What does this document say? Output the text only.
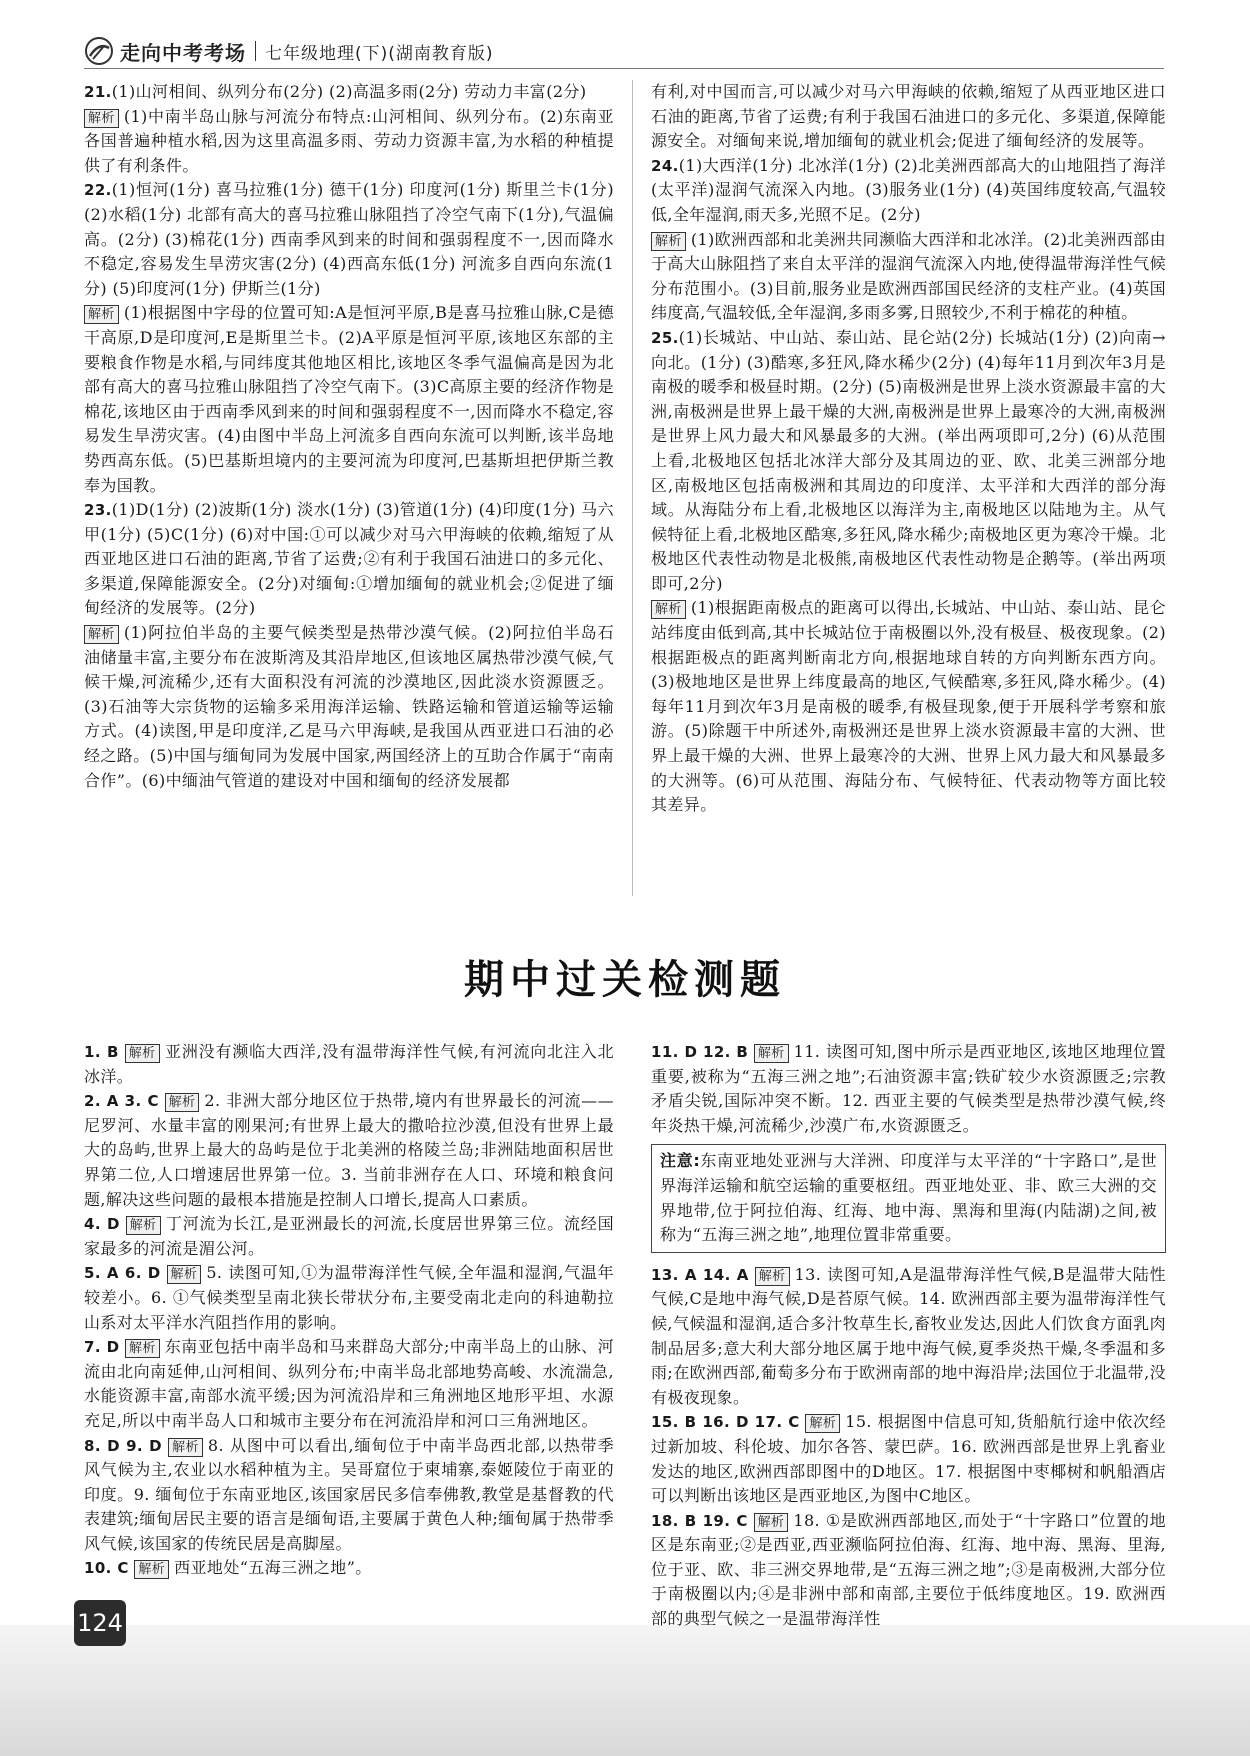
走向中考考场 七年级地理(下)(湖南教育版)
21.(1)山河相间、纵列分布(2分) (2)高温多雨(2分) 劳动力丰富(2分)
解析 (1)中南半岛山脉与河流分布特点:山河相间、纵列分布。(2)东南亚各国普遍种植水稻,因为这里高温多雨、劳动力资源丰富,为水稻的种植提供了有利条件。
22.(1)恒河(1分) 喜马拉雅(1分) 德干(1分) 印度河(1分) 斯里兰卡(1分) (2)水稻(1分) 北部有高大的喜马拉雅山脉阻挡了冷空气南下(1分),气温偏高。(2分) (3)棉花(1分) 西南季风到来的时间和强弱程度不一,因而降水不稳定,容易发生旱涝灾害(2分) (4)西高东低(1分) 河流多自西向东流(1分) (5)印度河(1分) 伊斯兰(1分)
解析 (1)根据图中字母的位置可知:A是恒河平原,B是喜马拉雅山脉,C是德干高原,D是印度河,E是斯里兰卡。(2)A平原是恒河平原,该地区东部的主要粮食作物是水稻,与同纬度其他地区相比,该地区冬季气温偏高是因为北部有高大的喜马拉雅山脉阻挡了冷空气南下。(3)C高原主要的经济作物是棉花,该地区由于西南季风到来的时间和强弱程度不一,因而降水不稳定,容易发生旱涝灾害。(4)由图中半岛上河流多自西向东流可以判断,该半岛地势西高东低。(5)巴基斯坦境内的主要河流为印度河,巴基斯坦把伊斯兰教奉为国教。
23.(1)D(1分) (2)波斯(1分) 淡水(1分) (3)管道(1分) (4)印度(1分) 马六甲(1分) (5)C(1分) (6)对中国:①可以减少对马六甲海峡的依赖,缩短了从西亚地区进口石油的距离,节省了运费;②有利于我国石油进口的多元化、多渠道,保障能源安全。(2分)对缅甸:①增加缅甸的就业机会;②促进了缅甸经济的发展等。(2分)
解析 (1)阿拉伯半岛的主要气候类型是热带沙漠气候。(2)阿拉伯半岛石油储量丰富,主要分布在波斯湾及其沿岸地区,但该地区属热带沙漠气候,气候干燥,河流稀少,还有大面积没有河流的沙漠地区,因此淡水资源匮乏。(3)石油等大宗货物的运输多采用海洋运输、铁路运输和管道运输等运输方式。(4)读图,甲是印度洋,乙是马六甲海峡,是我国从西亚进口石油的必经之路。(5)中国与缅甸同为发展中国家,两国经济上的互助合作属于“南南合作”。(6)中缅油气管道的建设对中国和缅甸的经济发展都
有利,对中国而言,可以减少对马六甲海峡的依赖,缩短了从西亚地区进口石油的距离,节省了运费;有利于我国石油进口的多元化、多渠道,保障能源安全。对缅甸来说,增加缅甸的就业机会;促进了缅甸经济的发展等。
24.(1)大西洋(1分) 北冰洋(1分) (2)北美洲西部高大的山地阻挡了海洋(太平洋)湿润气流深入内地。(3)服务业(1分) (4)英国纬度较高,气温较低,全年湿润,雨天多,光照不足。(2分)
解析 (1)欧洲西部和北美洲共同濒临大西洋和北冰洋。(2)北美洲西部由于高大山脉阻挡了来自太平洋的湿润气流深入内地,使得温带海洋性气候分布范围小。(3)目前,服务业是欧洲西部国民经济的支柱产业。(4)英国纬度高,气温较低,全年湿润,多雨多雾,日照较少,不利于棉花的种植。
25.(1)长城站、中山站、泰山站、昆仑站(2分) 长城站(1分) (2)向南→向北。(1分) (3)酷寒,多狂风,降水稀少(2分) (4)每年11月到次年3月是南极的暖季和极昼时期。(2分) (5)南极洲是世界上淡水资源最丰富的大洲,南极洲是世界上最干燥的大洲,南极洲是世界上最寒冷的大洲,南极洲是世界上风力最大和风暴最多的大洲。(举出两项即可,2分) (6)从范围上看,北极地区包括北冰洋大部分及其周边的亚、欧、北美三洲部分地区,南极地区包括南极洲和其周边的印度洋、太平洋和大西洋的部分海域。从海陆分布上看,北极地区以海洋为主,南极地区以陆地为主。从气候特征上看,北极地区酷寒,多狂风,降水稀少;南极地区更为寒冷干燥。北极地区代表性动物是北极熊,南极地区代表性动物是企鹅等。(举出两项即可,2分)
解析 (1)根据距南极点的距离可以得出,长城站、中山站、泰山站、昆仑站纬度由低到高,其中长城站位于南极圈以外,没有极昼、极夜现象。(2)根据距极点的距离判断南北方向,根据地球自转的方向判断东西方向。(3)极地地区是世界上纬度最高的地区,气候酷寒,多狂风,降水稀少。(4)每年11月到次年3月是南极的暖季,有极昼现象,便于开展科学考察和旅游。(5)除题干中所述外,南极洲还是世界上淡水资源最丰富的大洲、世界上最干燥的大洲、世界上最寒冷的大洲、世界上风力最大和风暴最多的大洲等。(6)可从范围、海陆分布、气候特征、代表动物等方面比较其差异。
期中过关检测题
1. B 解析 亚洲没有濒临大西洋,没有温带海洋性气候,有河流向北注入北冰洋。
2. A 3. C 解析 2. 非洲大部分地区位于热带,境内有世界最长的河流——尼罗河、水量丰富的刚果河;有世界上最大的撒哈拉沙漠,但没有世界上最大的岛屿,世界上最大的岛屿是位于北美洲的格陵兰岛;非洲陆地面积居世界第二位,人口增速居世界第一位。3. 当前非洲存在人口、环境和粮食问题,解决这些问题的最根本措施是控制人口增长,提高人口素质。
4. D 解析 丁河流为长江,是亚洲最长的河流,长度居世界第三位。流经国家最多的河流是湄公河。
5. A 6. D 解析 5. 读图可知,①为温带海洋性气候,全年温和湿润,气温年较差小。6. ①气候类型呈南北狭长带状分布,主要受南北走向的科迪勒拉山系对太平洋水汽阻挡作用的影响。
7. D 解析 东南亚包括中南半岛和马来群岛大部分;中南半岛上的山脉、河流由北向南延伸,山河相间、纵列分布;中南半岛北部地势高峻、水流湍急,水能资源丰富,南部水流平缓;因为河流沿岸和三角洲地区地形平坦、水源充足,所以中南半岛人口和城市主要分布在河流沿岸和河口三角洲地区。
8. D 9. D 解析 8. 从图中可以看出,缅甸位于中南半岛西北部,以热带季风气候为主,农业以水稻种植为主。吴哥窟位于柬埔寨,泰姬陵位于南亚的印度。9. 缅甸位于东南亚地区,该国家居民多信奉佛教,教堂是基督教的代表建筑;缅甸居民主要的语言是缅甸语,主要属于黄色人种;缅甸属于热带季风气候,该国家的传统民居是高脚屋。
10. C 解析 西亚地处“五海三洲之地”。
11. D 12. B 解析 11. 读图可知,图中所示是西亚地区,该地区地理位置重要,被称为“五海三洲之地”;石油资源丰富;铁矿较少水资源匮乏;宗教矛盾尖锐,国际冲突不断。12. 西亚主要的气候类型是热带沙漠气候,终年炎热干燥,河流稀少,沙漠广布,水资源匮乏。
注意:东南亚地处亚洲与大洋洲、印度洋与太平洋的“十字路口”,是世界海洋运输和航空运输的重要枢纽。西亚地处亚、非、欧三大洲的交界地带,位于阿拉伯海、红海、地中海、黑海和里海(内陆湖)之间,被称为“五海三洲之地”,地理位置非常重要。
13. A 14. A 解析 13. 读图可知,A是温带海洋性气候,B是温带大陆性气候,C是地中海气候,D是苔原气候。14. 欧洲西部主要为温带海洋性气候,气候温和湿润,适合多汁牧草生长,畜牧业发达,因此人们饮食方面乳肉制品居多;意大利大部分地区属于地中海气候,夏季炎热干燥,冬季温和多雨;在欧洲西部,葡萄多分布于欧洲南部的地中海沿岸;法国位于北温带,没有极夜现象。
15. B 16. D 17. C 解析 15. 根据图中信息可知,货船航行途中依次经过新加坡、科伦坡、加尔各答、蒙巴萨。16. 欧洲西部是世界上乳畜业发达的地区,欧洲西部即图中的D地区。17. 根据图中枣椰树和帆船酒店可以判断出该地区是西亚地区,为图中C地区。
18. B 19. C 解析 18. ①是欧洲西部地区,而处于“十字路口”位置的地区是东南亚;②是西亚,西亚濒临阿拉伯海、红海、地中海、黑海、里海,位于亚、欧、非三洲交界地带,是“五海三洲之地”;③是南极洲,大部分位于南极圈以内;④是非洲中部和南部,主要位于低纬度地区。19. 欧洲西部的典型气候之一是温带海洋性
124
